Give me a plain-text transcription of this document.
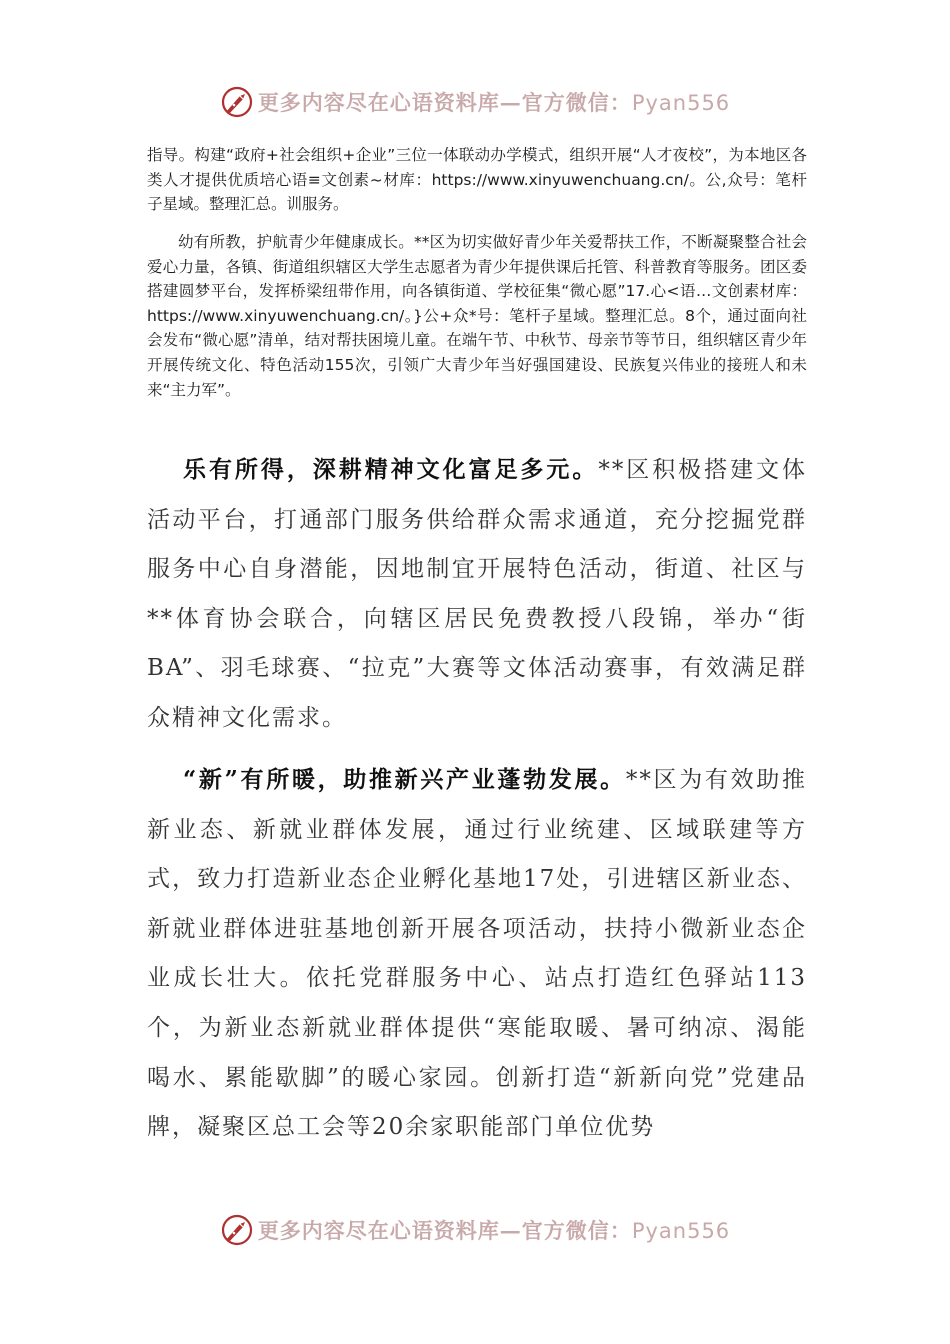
更多内容尽在心语资料库—官方微信：Pyan556

指导。构建“政府+社会组织+企业”三位一体联动办学模式，组织开展“人才夜校”，为本地区各类人才提供优质培心语≡文创素~材库：https://www.xinyuwenchuang.cn/。公,众号：笔杆子星域。整理汇总。训服务。

幼有所教，护航青少年健康成长。**区为切实做好青少年关爱帮扶工作，不断凝聚整合社会爱心力量，各镇、街道组织辖区大学生志愿者为青少年提供课后托管、科普教育等服务。团区委搭建圆梦平台，发挥桥梁纽带作用，向各镇街道、学校征集“微心愿”17.心<语…文创素材库：https://www.xinyuwenchuang.cn/。}公+众*号：笔杆子星域。整理汇总。8个，通过面向社会发布“微心愿”清单，结对帮扶困境儿童。在端午节、中秋节、母亲节等节日，组织辖区青少年开展传统文化、特色活动155次，引领广大青少年当好强国建设、民族复兴伟业的接班人和未来“主力军”。

乐有所得，深耕精神文化富足多元。**区积极搭建文体活动平台，打通部门服务供给群众需求通道，充分挖掘党群服务中心自身潜能，因地制宜开展特色活动，街道、社区与**体育协会联合，向辖区居民免费教授八段锦，举办“街BA”、羽毛球赛、“拉克”大赛等文体活动赛事，有效满足群众精神文化需求。

“新”有所暖，助推新兴产业蓬勃发展。**区为有效助推新业态、新就业群体发展，通过行业统建、区域联建等方式，致力打造新业态企业孵化基地17处，引进辖区新业态、新就业群体进驻基地创新开展各项活动，扶持小微新业态企业成长壮大。依托党群服务中心、站点打造红色驿站113个，为新业态新就业群体提供“寒能取暖、暑可纳凉、渴能喝水、累能歇脚”的暖心家园。创新打造“新新向党”党建品牌，凝聚区总工会等20余家职能部门单位优势

更多内容尽在心语资料库—官方微信：Pyan556
